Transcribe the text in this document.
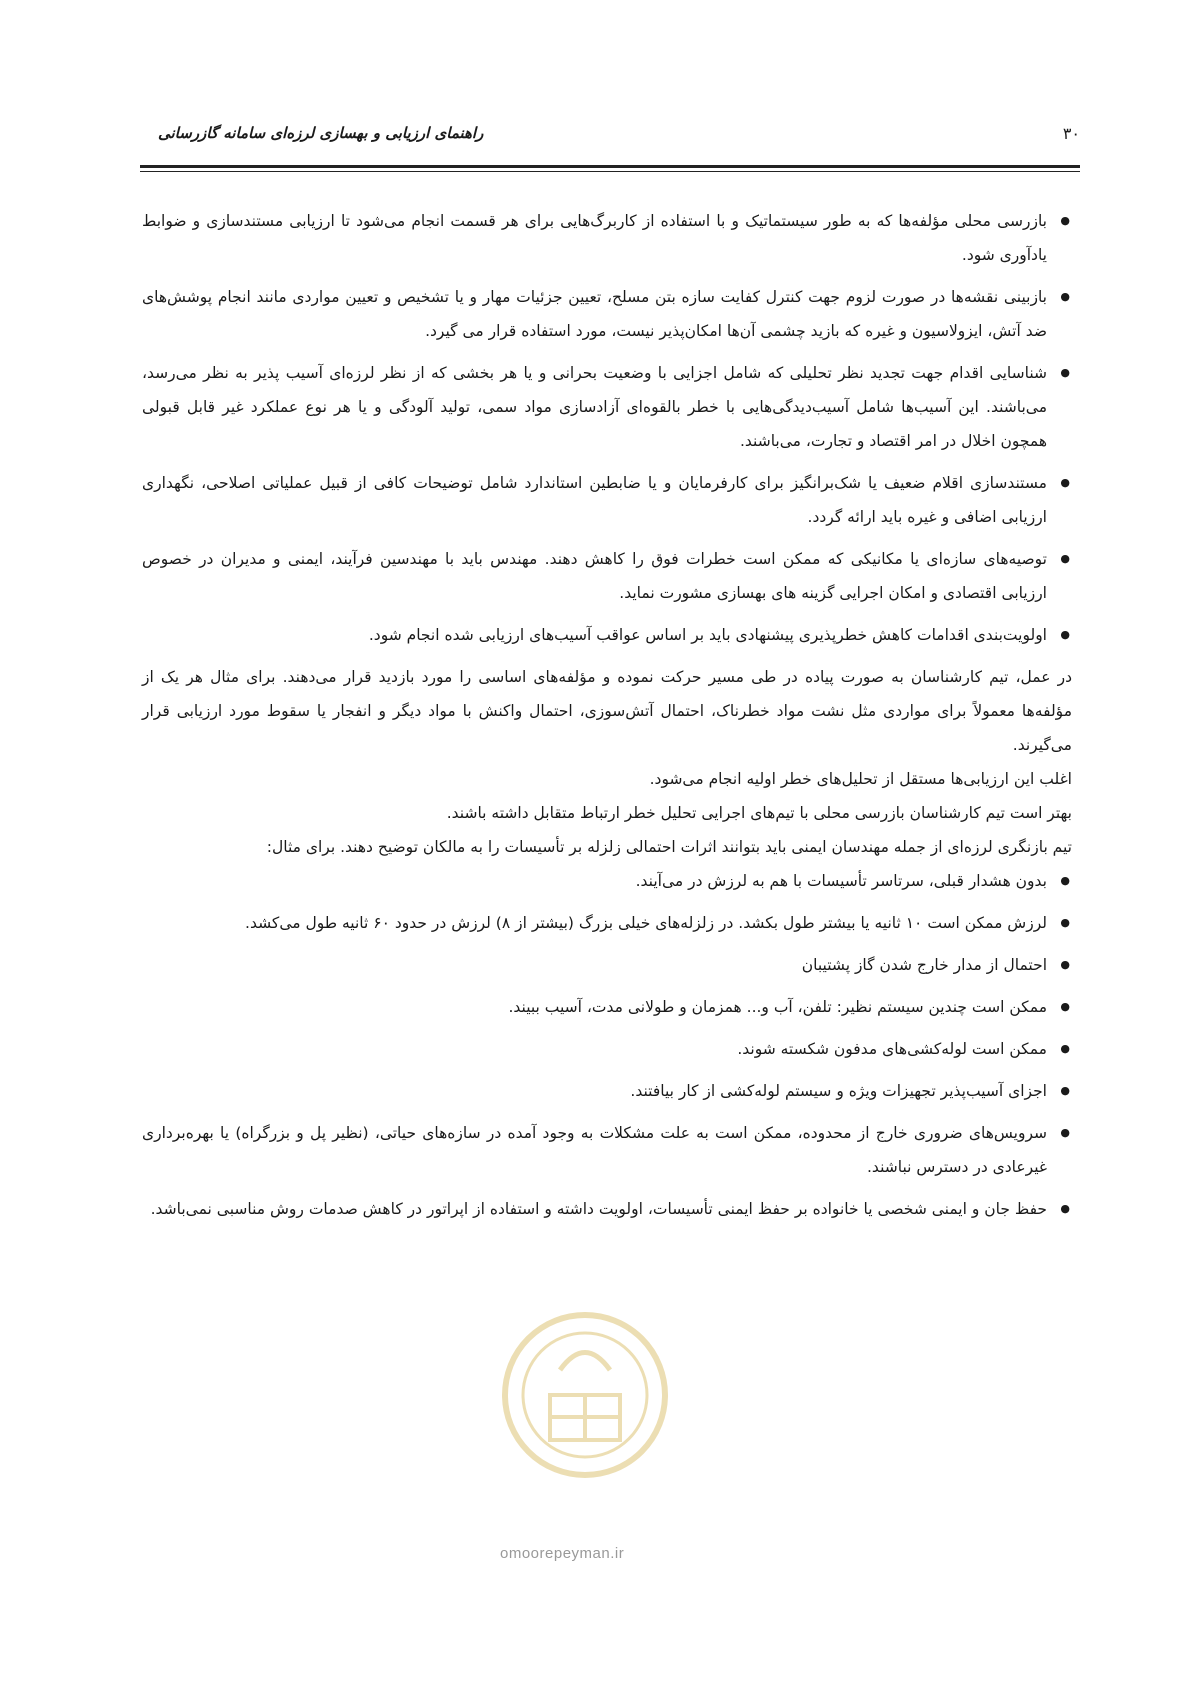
راهنمای ارزیابی و بهسازی لرزه‌ای سامانه گازرسانی	۳۰
● بازرسی محلی مؤلفه‌ها که به طور سیستماتیک و با استفاده از کاربرگ‌هایی برای هر قسمت انجام می‌شود تا ارزیابی مستندسازی و ضوابط یادآوری شود.
● بازبینی نقشه‌ها در صورت لزوم جهت کنترل کفایت سازه بتن مسلح، تعیین جزئیات مهار و یا تشخیص و تعیین مواردی مانند انجام پوشش‌های ضد آتش، ایزولاسیون و غیره که بازید چشمی آن‌ها امکان‌پذیر نیست، مورد استفاده قرار می گیرد.
● شناسایی اقدام جهت تجدید نظر تحلیلی که شامل اجزایی با وضعیت بحرانی و یا هر بخشی که از نظر لرزه‌ای آسیب پذیر به نظر می‌رسد، می‌باشند. این آسیب‌ها شامل آسیب‌دیدگی‌هایی با خطر بالقوه‌ای آزادسازی مواد سمی، تولید آلودگی و یا هر نوع عملکرد غیر قابل قبولی همچون اخلال در امر اقتصاد و تجارت، می‌باشند.
● مستندسازی اقلام ضعیف یا شک‌برانگیز برای کارفرمایان و یا ضابطین استاندارد شامل توضیحات کافی از قبیل عملیاتی اصلاحی، نگهداری ارزیابی اضافی و غیره باید ارائه گردد.
● توصیه‌های سازه‌ای یا مکانیکی که ممکن است خطرات فوق را کاهش دهند. مهندس باید با مهندسین فرآیند، ایمنی و مدیران در خصوص ارزیابی اقتصادی و امکان اجرایی گزینه های بهسازی مشورت نماید.
● اولویت‌بندی اقدامات کاهش خطرپذیری پیشنهادی باید بر اساس عواقب آسیب‌های ارزیابی شده انجام شود.

در عمل، تیم کارشناسان به صورت پیاده در طی مسیر حرکت نموده و مؤلفه‌های اساسی را مورد بازدید قرار می‌دهند. برای مثال هر یک از مؤلفه‌ها معمولاً برای مواردی مثل نشت مواد خطرناک، احتمال آتش‌سوزی، احتمال واکنش با مواد دیگر و انفجار یا سقوط مورد ارزیابی قرار می‌گیرند.

اغلب این ارزیابی‌ها مستقل از تحلیل‌های خطر اولیه انجام می‌شود.

بهتر است تیم کارشناسان بازرسی محلی با تیم‌های اجرایی تحلیل خطر ارتباط متقابل داشته باشند.

تیم بازنگری لرزه‌ای از جمله مهندسان ایمنی باید بتوانند اثرات احتمالی زلزله بر تأسیسات را به مالکان توضیح دهند. برای مثال:

● بدون هشدار قبلی، سرتاسر تأسیسات با هم به لرزش در می‌آیند.
● لرزش ممکن است ۱۰ ثانیه یا بیشتر طول بکشد. در زلزله‌های خیلی بزرگ (بیشتر از ۸) لرزش در حدود ۶۰ ثانیه طول می‌کشد.
● احتمال از مدار خارج شدن گاز پشتیبان
● ممکن است چندین سیستم نظیر: تلفن، آب و... همزمان و طولانی مدت، آسیب ببیند.
● ممکن است لوله‌کشی‌های مدفون شکسته شوند.
● اجزای آسیب‌پذیر تجهیزات ویژه و سیستم لوله‌کشی از کار بیافتند.
● سرویس‌های ضروری خارج از محدوده، ممکن است به علت مشکلات به وجود آمده در سازه‌های حیاتی، (نظیر پل و بزرگراه) یا بهره‌برداری غیرعادی در دسترس نباشند.
● حفظ جان و ایمنی شخصی یا خانواده بر حفظ ایمنی تأسیسات، اولویت داشته و استفاده از اپراتور در کاهش صدمات روش مناسبی نمی‌باشد.
omoorepeyman.ir
